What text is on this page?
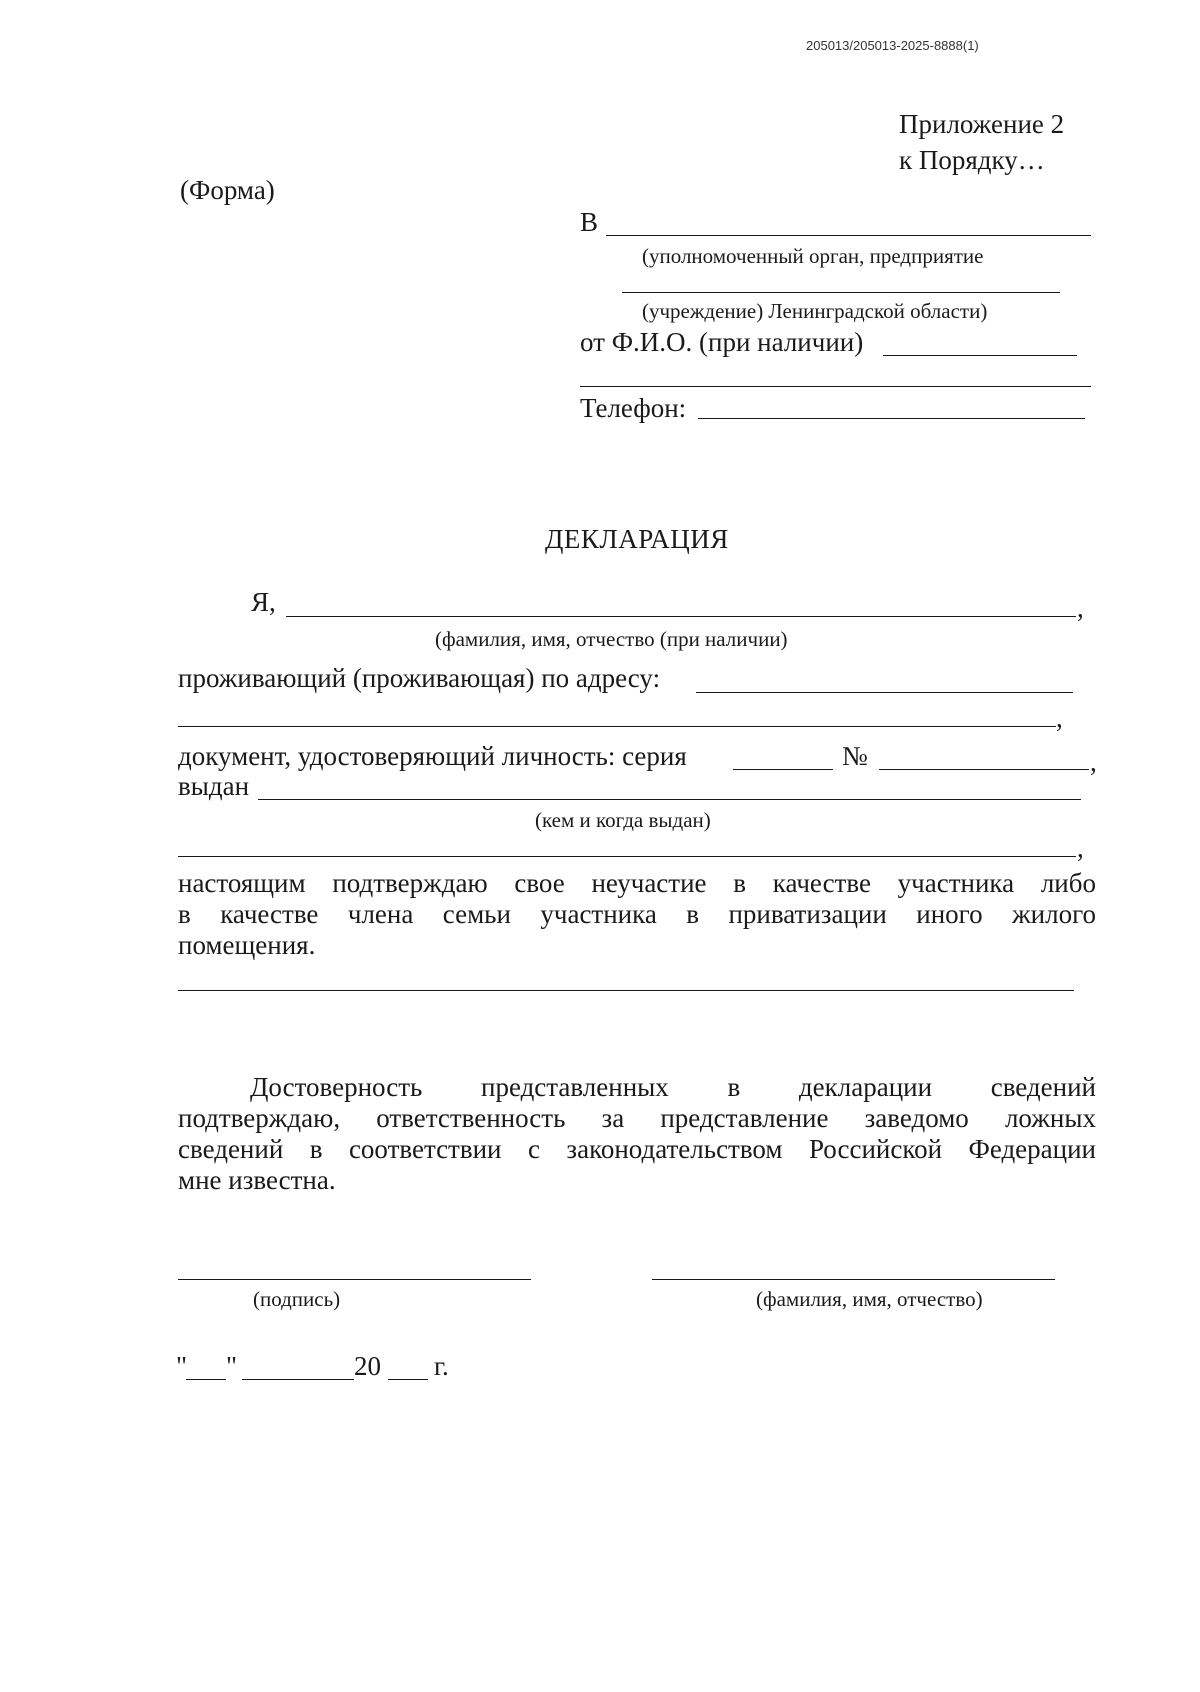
205013/205013-2025-8888(1)
Приложение 2
к Порядку…
(Форма)
В
(уполномоченный орган, предприятие
(учреждение) Ленинградской области)
от Ф.И.О. (при наличии)
Телефон:
ДЕКЛАРАЦИЯ
Я,	,
(фамилия, имя, отчество (при наличии)
проживающий (проживающая) по адресу:
,
документ, удостоверяющий личность: серия	№	,
выдан
(кем и когда выдан)
,
настоящим подтверждаю свое неучастие в качестве участника либо
в качестве члена семьи участника в приватизации иного жилого
помещения.
Достоверность представленных в декларации сведений
подтверждаю, ответственность за представление заведомо ложных
сведений в соответствии с законодательством Российской Федерации
мне известна.
(подпись)	(фамилия, имя, отчество)
" "	20 г.
